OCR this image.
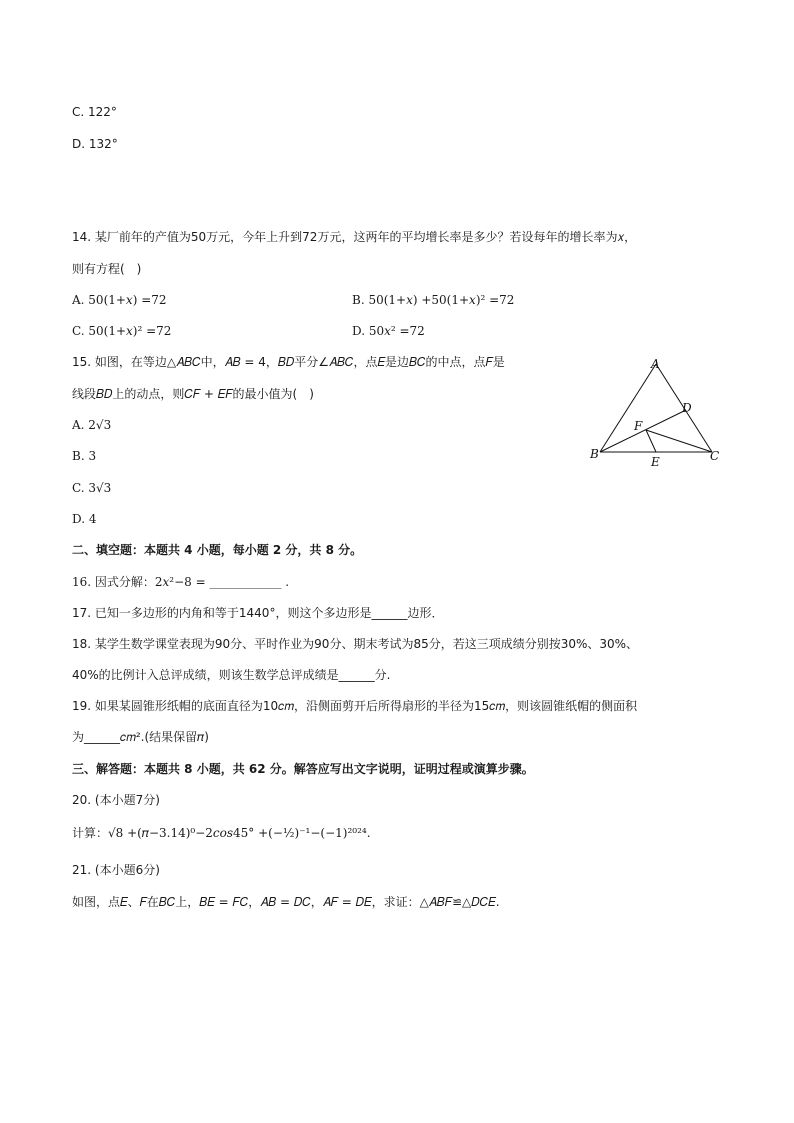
C. 122°
D. 132°
14. 某厂前年的产值为50万元，今年上升到72万元，这两年的平均增长率是多少？若设每年的增长率为𝑥，
则有方程(　)
A. 50(1+𝑥) =72	B. 50(1+𝑥) +50(1+𝑥)² =72
C. 50(1+𝑥)² =72	D. 50𝑥² =72
15. 如图，在等边△𝐴𝐵𝐶中，𝐴𝐵 = 4，𝐵𝐷平分∠𝐴𝐵𝐶，点𝐸是边𝐵𝐶的中点，点𝐹是
线段𝐵𝐷上的动点，则𝐶𝐹 + 𝐸𝐹的最小值为(　)
A. 2√3
B. 3
C. 3√3
D. 4
A
D
F
B	C
E
二、填空题：本题共 4 小题，每小题 2 分，共 8 分。
16. 因式分解：2𝑥²−8 = ____________ .
17. 已知一多边形的内角和等于1440°，则这个多边形是______边形．
18. 某学生数学课堂表现为90分、平时作业为90分、期末考试为85分，若这三项成绩分别按30%、30%、
40%的比例计入总评成绩，则该生数学总评成绩是______分.
19. 如果某圆锥形纸帽的底面直径为10𝑐𝑚，沿侧面剪开后所得扇形的半径为15𝑐𝑚，则该圆锥纸帽的侧面积
为______𝑐𝑚².(结果保留𝜋)
三、解答题：本题共 8 小题，共 62 分。解答应写出文字说明，证明过程或演算步骤。
20. (本小题7分)
计算：√8 +(𝜋−3.14)⁰−2𝑐𝑜𝑠45° +(−½)⁻¹−(−1)²⁰²⁴.
21. (本小题6分)
如图，点𝐸、𝐹在𝐵𝐶上，𝐵𝐸 = 𝐹𝐶，𝐴𝐵 = 𝐷𝐶，𝐴𝐹 = 𝐷𝐸，求证：△𝐴𝐵𝐹≌△𝐷𝐶𝐸.
